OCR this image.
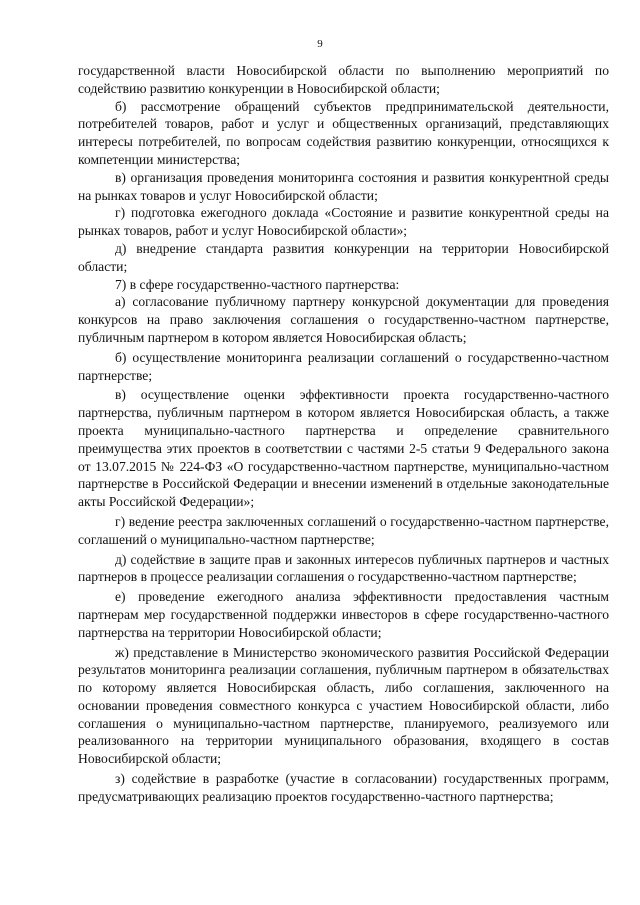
9

государственной власти Новосибирской области по выполнению мероприятий по содействию развитию конкуренции в Новосибирской области;

б) рассмотрение обращений субъектов предпринимательской деятельности, потребителей товаров, работ и услуг и общественных организаций, представляющих интересы потребителей, по вопросам содействия развитию конкуренции, относящихся к компетенции министерства;

в) организация проведения мониторинга состояния и развития конкурентной среды на рынках товаров и услуг Новосибирской области;

г) подготовка ежегодного доклада «Состояние и развитие конкурентной среды на рынках товаров, работ и услуг Новосибирской области»;

д) внедрение стандарта развития конкуренции на территории Новосибирской области;

7) в сфере государственно-частного партнерства:

а) согласование публичному партнеру конкурсной документации для проведения конкурсов на право заключения соглашения о государственно-частном партнерстве, публичным партнером в котором является Новосибирская область;

б) осуществление мониторинга реализации соглашений о государственно-частном партнерстве;

в) осуществление оценки эффективности проекта государственно-частного партнерства, публичным партнером в котором является Новосибирская область, а также проекта муниципально-частного партнерства и определение сравнительного преимущества этих проектов в соответствии с частями 2-5 статьи 9 Федерального закона от 13.07.2015 № 224-ФЗ «О государственно-частном партнерстве, муниципально-частном партнерстве в Российской Федерации и внесении изменений в отдельные законодательные акты Российской Федерации»;

г) ведение реестра заключенных соглашений о государственно-частном партнерстве, соглашений о муниципально-частном партнерстве;

д) содействие в защите прав и законных интересов публичных партнеров и частных партнеров в процессе реализации соглашения о государственно-частном партнерстве;

е) проведение ежегодного анализа эффективности предоставления частным партнерам мер государственной поддержки инвесторов в сфере государственно-частного партнерства на территории Новосибирской области;

ж) представление в Министерство экономического развития Российской Федерации результатов мониторинга реализации соглашения, публичным партнером в обязательствах по которому является Новосибирская область, либо соглашения, заключенного на основании проведения совместного конкурса с участием Новосибирской области, либо соглашения о муниципально-частном партнерстве, планируемого, реализуемого или реализованного на территории муниципального образования, входящего в состав Новосибирской области;

з) содействие в разработке (участие в согласовании) государственных программ, предусматривающих реализацию проектов государственно-частного партнерства;
